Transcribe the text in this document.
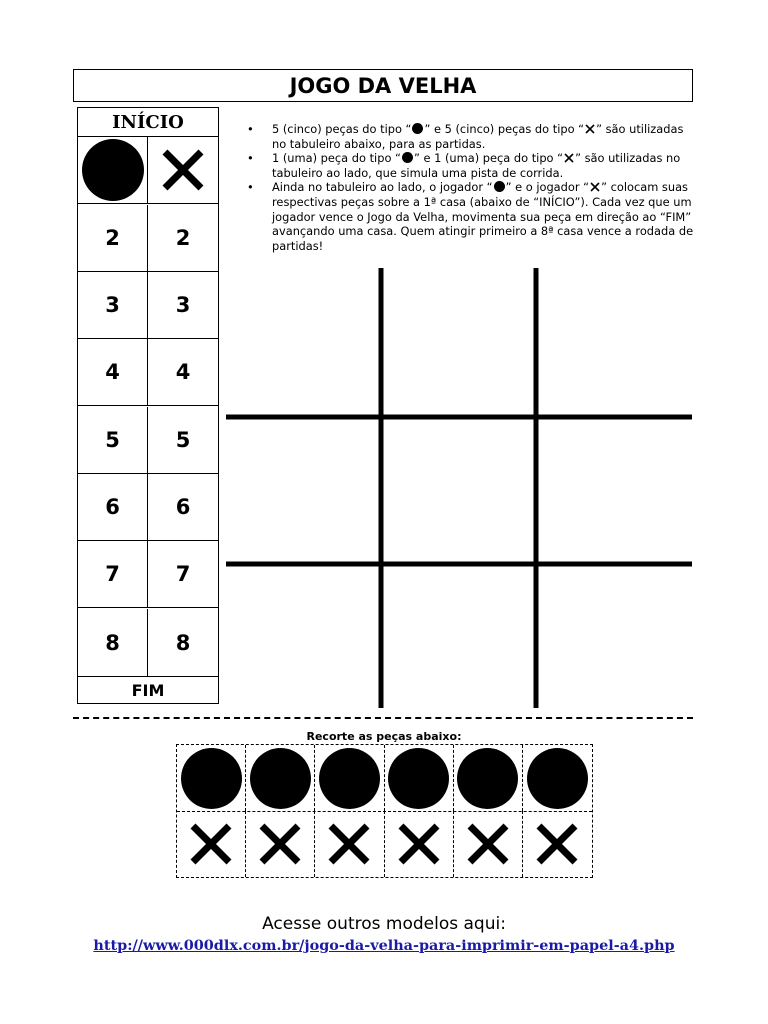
JOGO DA VELHA
INÍCIO
2	2
3	3
4	4
5	5
6	6
7	7
8	8
FIM
• 5 (cinco) peças do tipo “ ” e 5 (cinco) peças do tipo “ ” são utilizadas no tabuleiro abaixo, para as partidas.
• 1 (uma) peça do tipo “ ” e 1 (uma) peça do tipo “ ” são utilizadas no tabuleiro ao lado, que simula uma pista de corrida.
• Ainda no tabuleiro ao lado, o jogador “ ” e o jogador “ ” colocam suas respectivas peças sobre a 1ª casa (abaixo de “INÍCIO”). Cada vez que um jogador vence o Jogo da Velha, movimenta sua peça em direção ao “FIM” avançando uma casa. Quem atingir primeiro a 8ª casa vence a rodada de partidas!
Recorte as peças abaixo:
Acesse outros modelos aqui:
http://www.000dlx.com.br/jogo-da-velha-para-imprimir-em-papel-a4.php
